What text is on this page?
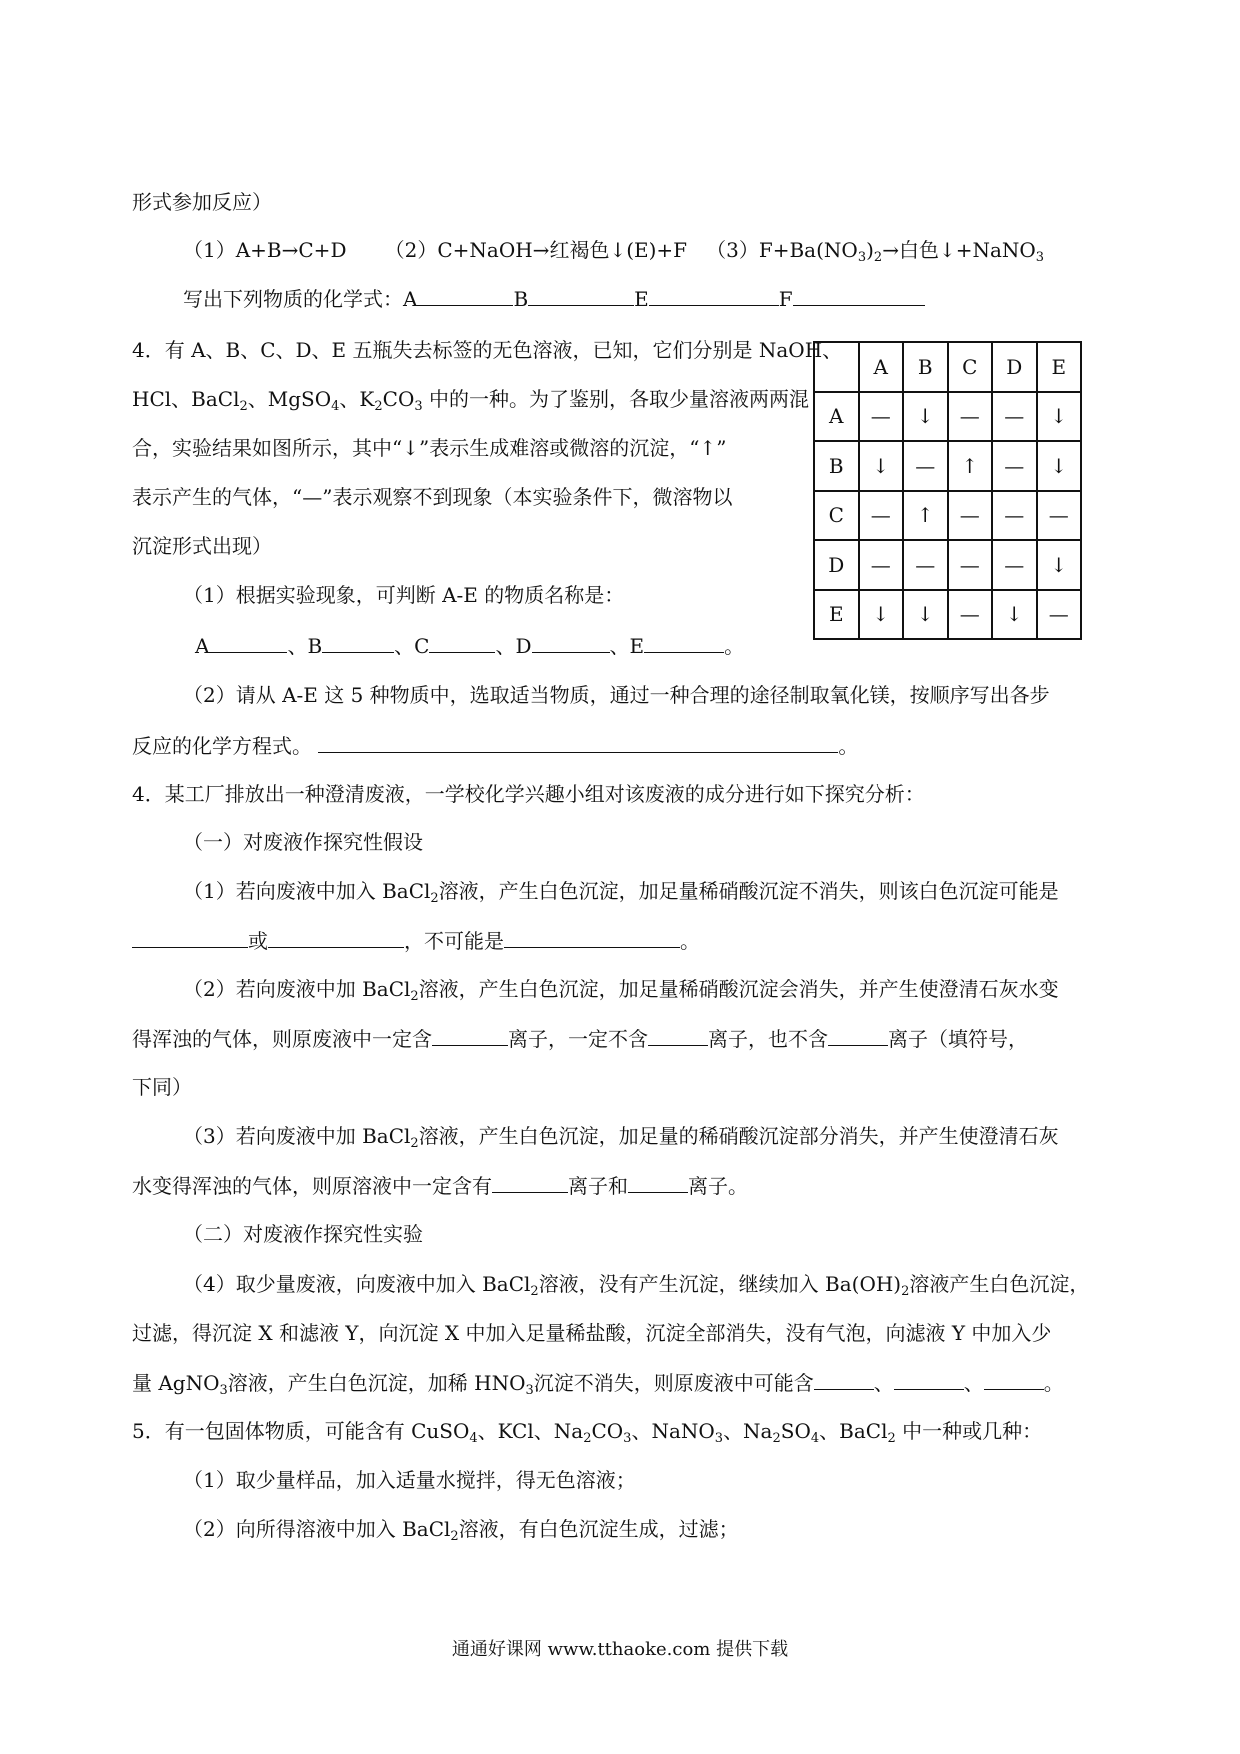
形式参加反应）
（1）A+B→C+D （2）C+NaOH→红褐色↓(E)+F $(3)F+Ba(NO_3)_2\to$白色↓+NaNO$_3$
写出下列物质的化学式：A	B	E	F
4．有 A、B、C、D、E 五瓶失去标签的无色溶液，已知，它们分别是 NaOH、
HCl、BaCl$_2$、MgSO$_4$、$K_2CO_3$ 中的一种。为了鉴别，各取少量溶液两两混
合，实验结果如图所示，其中“↓”表示生成难溶或微溶的沉淀，“↑”
表示产生的气体，“—”表示观察不到现象（本实验条件下，微溶物以
沉淀形式出现）
（1）根据实验现象，可判断 A-E 的物质名称是：
A	、B	、C	、D	、E	。
	A	B	C	D	E
A	—	↓	—	—	↓
B	↓	—	↑	—	↓
C	—	↑	—	—	—
D	—	—	—	—	↓
E	↓	↓	—	↓	—
（2）请从 A-E 这 5 种物质中，选取适当物质，通过一种合理的途径制取氧化镁，按顺序写出各步
反应的化学方程式。	。
4．某工厂排放出一种澄清废液，一学校化学兴趣小组对该废液的成分进行如下探究分析：
（一）对废液作探究性假设
（1）若向废液中加入 BaCl$_2$溶液，产生白色沉淀，加足量稀硝酸沉淀不消失，则该白色沉淀可能是
或	，不可能是	。
（2）若向废液中加 BaCl$_2$溶液，产生白色沉淀，加足量稀硝酸沉淀会消失，并产生使澄清石灰水变
得浑浊的气体，则原废液中一定含	离子，一定不含	离子，也不含	离子（填符号，
下同）
（3）若向废液中加 BaCl$_2$溶液，产生白色沉淀，加足量的稀硝酸沉淀部分消失，并产生使澄清石灰
水变得浑浊的气体，则原溶液中一定含有	离子和	离子。
（二）对废液作探究性实验
（4）取少量废液，向废液中加入 BaCl$_2$溶液，没有产生沉淀，继续加入 $Ba(OH)_2$溶液产生白色沉淀，
过滤，得沉淀 X 和滤液 Y，向沉淀 X 中加入足量稀盐酸，沉淀全部消失，没有气泡，向滤液 Y 中加入少
量 AgNO$_3$溶液，产生白色沉淀，加稀 $HNO_3$沉淀不消失，则原废液中可能含	、	、	。
5．有一包固体物质，可能含有 CuSO$_4$、KCl、$Na_2CO_3$、NaNO$_3$、$Na_2SO_4$、BaCl$_2$ 中一种或几种：
（1）取少量样品，加入适量水搅拌，得无色溶液；
（2）向所得溶液中加入 BaCl$_2$溶液，有白色沉淀生成，过滤；
通通好课网 www.tthaoke.com 提供下载
